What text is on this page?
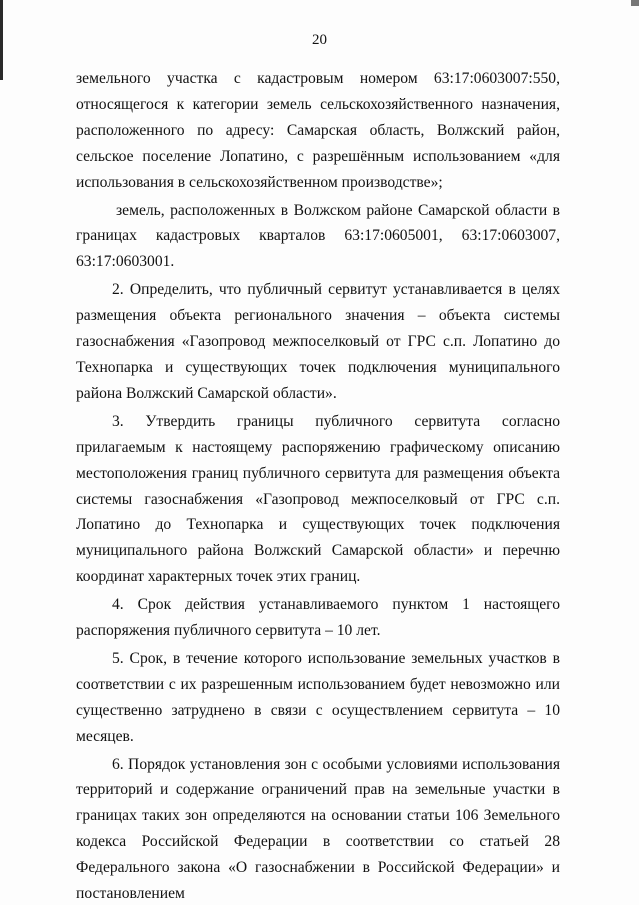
20

земельного участка с кадастровым номером 63:17:0603007:550, относящегося к категории земель сельскохозяйственного назначения, расположенного по адресу: Самарская область, Волжский район, сельское поселение Лопатино, с разрешённым использованием «для использования в сельскохозяйственном производстве»;

земель, расположенных в Волжском районе Самарской области в границах кадастровых кварталов 63:17:0605001, 63:17:0603007, 63:17:0603001.

2. Определить, что публичный сервитут устанавливается в целях размещения объекта регионального значения – объекта системы газоснабжения «Газопровод межпоселковый от ГРС с.п. Лопатино до Технопарка и существующих точек подключения муниципального района Волжский Самарской области».

3. Утвердить границы публичного сервитута согласно прилагаемым к настоящему распоряжению графическому описанию местоположения границ публичного сервитута для размещения объекта системы газоснабжения «Газопровод межпоселковый от ГРС с.п. Лопатино до Технопарка и существующих точек подключения муниципального района Волжский Самарской области» и перечню координат характерных точек этих границ.

4. Срок действия устанавливаемого пунктом 1 настоящего распоряжения публичного сервитута – 10 лет.

5. Срок, в течение которого использование земельных участков в соответствии с их разрешенным использованием будет невозможно или существенно затруднено в связи с осуществлением сервитута – 10 месяцев.

6. Порядок установления зон с особыми условиями использования территорий и содержание ограничений прав на земельные участки в границах таких зон определяются на основании статьи 106 Земельного кодекса Российской Федерации в соответствии со статьей 28 Федерального закона «О газоснабжении в Российской Федерации» и постановлением
